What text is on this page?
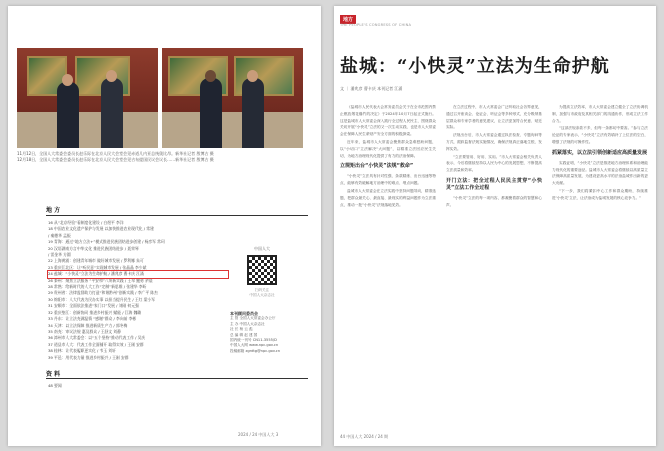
11月12日，全国人大常委会委员长赵乐际在北京人民大会堂会见赤道几内亚总统奥比昂。新华社记者 殷博古 摄
12月18日，全国人大常委会委员长赵乐际在北京人民大会堂会见吉布提国民议会议长……新华社记者 殷博古 摄
地 方
16 从“北京经验”看制度化建设 / 白煜平 李洋
18 中国农业文化遗产保护与发展 以加快推进农业现代化 / 常建
/ 秦德华 孟振
19 青海：通过“地方立法+”模式推进民族团结进步创建 / 杨彦军 常珂
20 汉语湖南方言中华文化 推进民族团结进步 / 聂荣琴
/ 雷金华 方圆
22 上海黄浦：创建青年城市 做好城市发展 / 罗利娜 朱可
23 重庆江北区：让“听民意”实现城市发展 / 张晶晶 李少斌
24 盐城：“小快灵”立法为生命护航 / 潘兆彦 曹卡庆 江涌
26 泰州：聚焦立法服务 “平安和”八项新实践 / 王翠 鲍勇 余晨
28 常熟：给新时代的人大工作“定制”新思维 / 张建华 李昕
29 贵州省：法律监督助力打造“和谐黔州”创新实践 / 李广平 陈杰
30 绵阳市：人大代表为民办实事 以担当提升民生 / 王红 梁小军
31 安顺市：全面依法推进“家门口”发展 / 刘刚 何元强
32 重庆垫江：创新协同 推进乡村振兴 赋能 / 江海 魏璐
33 丹东：让立法充满温情 “感谢”群众 / 李向前 李彬
34 天津：以立法保障 推进新质生产力 / 郭冬梅
35 南充：审议法规 惠及群众 / 王舒文 刘静
36 漳州市人大常委会：以“五个坚持”推动代表工作 / 吴庆
37 道县市人大：代表工作全面铺开 取得实效 / 王刚 安群
38 桂林：让代表履职更实化 / 韦玉 刘轩
39 平邑：用代表力量 推进乡村振兴 / 王刚 安群
资 料
48 要闻
中国人大
扫码关注
中国人大杂志社
本刊顾问委员会
主 管 全国人大常委会办公厅
主 办 中国人大杂志社
社 长 杨 云 彪
总 编 辑 赵 建 国
国内统一刊号 CN11-3555/D
中国人大网 www.npc.gov.cn
投稿邮箱 zgrdtg@npc.gov.cn
2024 / 24 中国人大 3
地方
THE PEOPLE'S CONGRESS OF CHINA
盐城：“小快灵”立法为生命护航
文 ｜ 潘兆彦 曹卡庆 本刊记者 江涌

《盐城市人民代表大会常务委员会关于在全市范围内禁止燃放烟花爆竹的决定》于2024年10月7日起正式施行。这是盐城市人大常委会深入践行全过程人民民主、围绕群众关切开展“小快灵”立法的又一次生动实践，也是市人大常委会在保障人民生命财产安全方面的积极探索。

近年来，盐城市人大常委会聚焦群众急难愁盼问题，以“小切口”立法解决“大问题”，以精准立法回应民生关切，为地方治理现代化提供了有力的法治保障。

立规矩出台“小快灵”法规“救命”

“小快灵”立法具有针对性强、条款精练、出台迅速等特点，能够有效破解地方治理中的难点、堵点问题。

盐城市人大常委会在立法实践中坚持问题导向，精准选题，把群众最关心、最直接、最现实的利益问题作为立法重点，推动一批“小快灵”法规落地见效。

在立法过程中，市人大常委会广泛听取社会各界意见，通过召开座谈会、论证会、听证会等多种形式，充分吸纳基层群众和专家学者的意见建议，让立法更加符合民意、贴近实际。

法规出台后，市人大常委会通过执法检查、专题询问等方式，跟踪监督法规实施情况，确保法规真正落地生根、发挥实效。

“立法要管用、好用、实用。”市人大常委会相关负责人表示，今后将继续坚持以人民为中心的发展思想，不断提高立法质量和效率。

开门立法：把全过程人民民主贯穿“小快灵”立法工作全过程

“小快灵”立法的每一项内容，都凝聚着群众的智慧和心声。

为提高立法效率，市人大常委会建立健全了立法协调机制，加强与市政府及其相关部门的沟通协作，形成立法工作合力。

“这部法规条款不多，但每一条都切中要害。”参与立法论证的专家表示，“小快灵”立法有效填补了上位法的空白，增强了法规的可操作性。

抓紧落实，以立法引领创新适应高质量发展

实践证明，“小快灵”立法是推进地方治理体系和治理能力现代化的重要途径。盐城市人大常委会将继续以高质量立法保障高质量发展，为建设更高水平的法治盐城作出新的更大贡献。

“下一步，我们将紧扣中心工作和群众期盼，持续推进‘小快灵’立法，让法治成为盐城发展的核心竞争力。”

44 中国人大 2024 / 24 期
